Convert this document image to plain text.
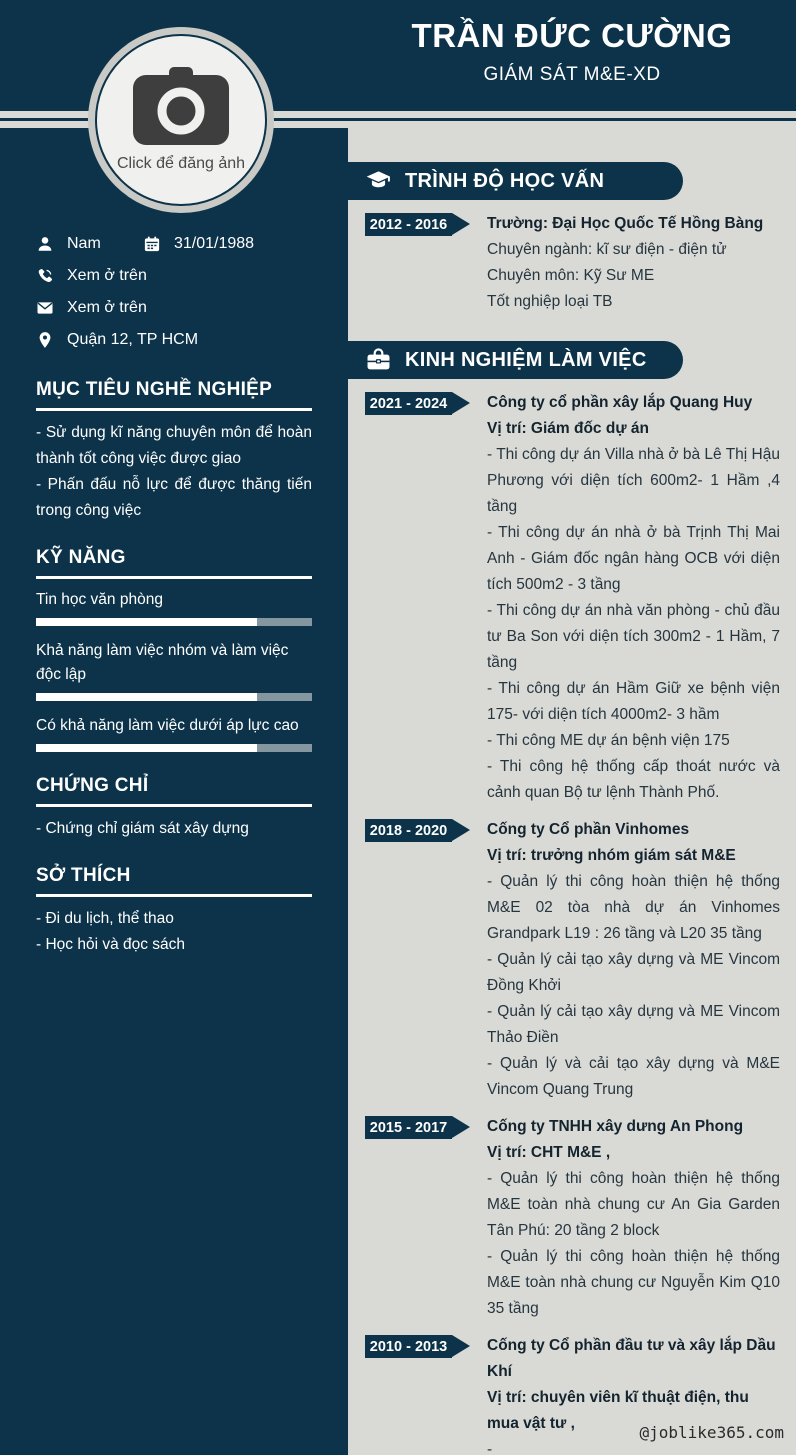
TRẦN ĐỨC CƯỜNG
GIÁM SÁT M&E-XD
Click để đăng ảnh
Nam	31/01/1988
Xem ở trên
Xem ở trên
Quận 12, TP HCM
MỤC TIÊU NGHỀ NGHIỆP
- Sử dụng kĩ năng chuyên môn để hoàn thành tốt công việc được giao
- Phấn đấu nỗ lực để được thăng tiến trong công việc
KỸ NĂNG
Tin học văn phòng
Khả năng làm việc nhóm và làm việc độc lập
Có khả năng làm việc dưới áp lực cao
CHỨNG CHỈ
- Chứng chỉ giám sát xây dựng
SỞ THÍCH
- Đi du lịch, thể thao
- Học hỏi và đọc sách
TRÌNH ĐỘ HỌC VẤN
2012 - 2016	Trường: Đại Học Quốc Tế Hồng Bàng
Chuyên ngành: kĩ sư điện - điện tử
Chuyên môn: Kỹ Sư ME
Tốt nghiệp loại TB
KINH NGHIỆM LÀM VIỆC
2021 - 2024	Công ty cổ phần xây lắp Quang Huy
Vị trí: Giám đốc dự án
- Thi công dự án Villa nhà ở bà Lê Thị Hậu Phương với diện tích 600m2- 1 Hầm ,4 tầng
- Thi công dự án nhà ở bà Trịnh Thị Mai Anh - Giám đốc ngân hàng OCB với diện tích 500m2 - 3 tầng
- Thi công dự án nhà văn phòng - chủ đầu tư Ba Son với diện tích 300m2 - 1 Hầm, 7 tầng
- Thi công dự án Hầm Giữ xe bệnh viện 175- với diện tích 4000m2- 3 hầm
- Thi công ME dự án bệnh viện 175
- Thi công hệ thống cấp thoát nước và cảnh quan Bộ tư lệnh Thành Phố.
2018 - 2020	Cống ty Cổ phần Vinhomes
Vị trí: trưởng nhóm giám sát M&E
- Quản lý thi công hoàn thiện hệ thống M&E 02 tòa nhà dự án Vinhomes Grandpark L19 : 26 tầng và L20 35 tầng
- Quản lý cải tạo xây dựng và ME Vincom Đồng Khởi
- Quản lý cải tạo xây dựng và ME Vincom Thảo Điền
- Quản lý và cải tạo xây dựng và M&E Vincom Quang Trung
2015 - 2017	Cống ty TNHH xây dưng An Phong
Vị trí: CHT M&E ,
- Quản lý thi công hoàn thiện hệ thống M&E toàn nhà chung cư An Gia Garden Tân Phú: 20 tầng 2 block
- Quản lý thi công hoàn thiện hệ thống M&E toàn nhà chung cư Nguyễn Kim Q10 35 tầng
2010 - 2013	Cống ty Cổ phần đầu tư và xây lắp Dầu Khí
Vị trí: chuyên viên kĩ thuật điện, thu mua vật tư ,
-
@joblike365.com
